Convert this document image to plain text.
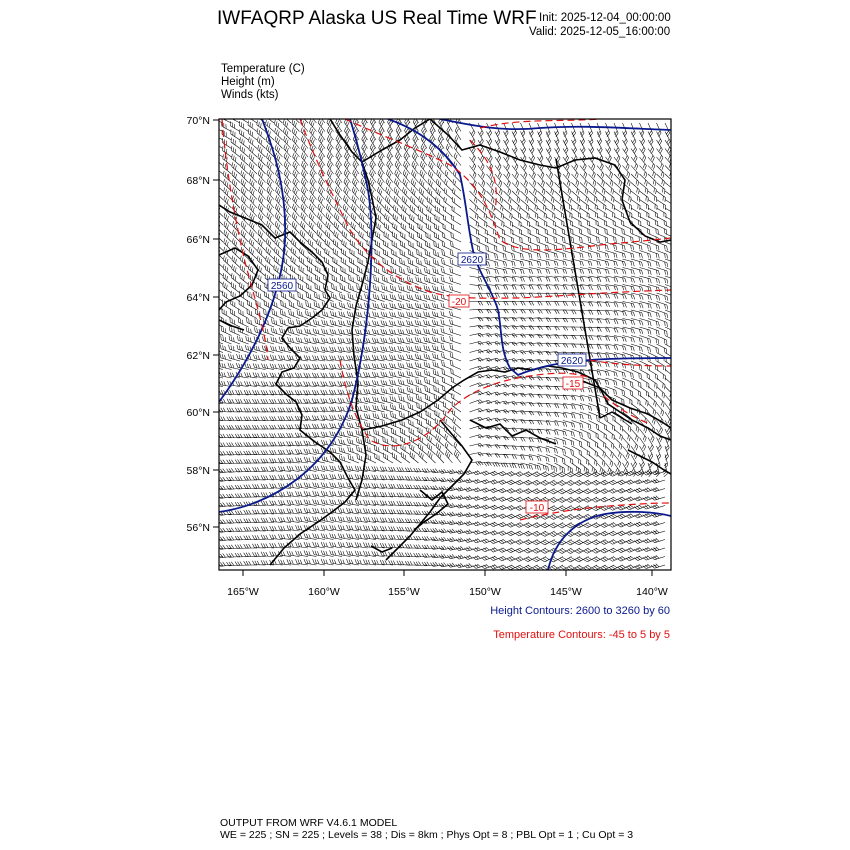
IWFAQRP Alaska US Real Time WRF Init: 2025-12-04_00:00:00
Valid: 2025-12-05_16:00:00
Temperature (C)
Height (m)
Winds (kts)
2560
2620
2620
-20
-15
-10
70°N
68°N
66°N
64°N
62°N
60°N
58°N
56°N
165°W	160°W	155°W	150°W	145°W	140°W
Height Contours: 2600 to 3260 by 60
Temperature Contours: -45 to 5 by 5
OUTPUT FROM WRF V4.6.1 MODEL
WE = 225 ; SN = 225 ; Levels = 38 ; Dis = 8km ; Phys Opt = 8 ; PBL Opt = 1 ; Cu Opt = 3
